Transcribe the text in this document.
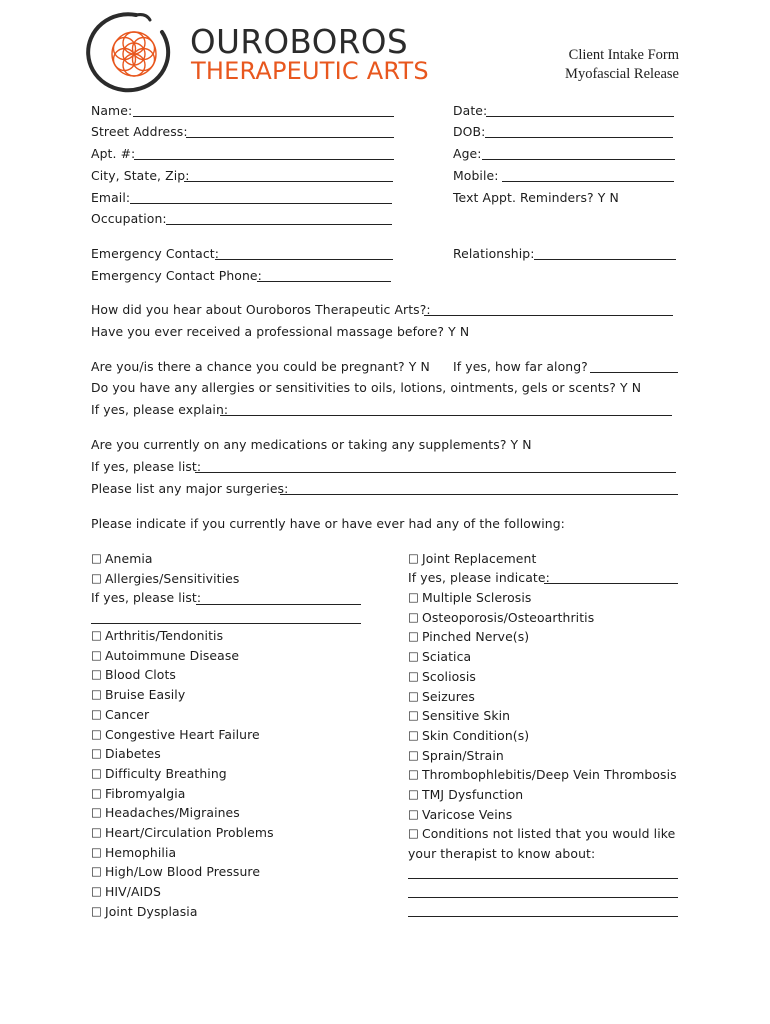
OUROBOROS
THERAPEUTIC ARTS
Client Intake Form
Myofascial Release
Name:
Street Address:
Apt. #:
City, State, Zip:
Email:
Occupation:
Date:
DOB:
Age:
Mobile:
Text Appt. Reminders? Y N
Emergency Contact:	Relationship:
Emergency Contact Phone:
How did you hear about Ouroboros Therapeutic Arts?:
Have you ever received a professional massage before? Y N
Are you/is there a chance you could be pregnant? Y N If yes, how far along?
Do you have any allergies or sensitivities to oils, lotions, ointments, gels or scents? Y N
If yes, please explain:
Are you currently on any medications or taking any supplements? Y N
If yes, please list:
Please list any major surgeries:
Please indicate if you currently have or have ever had any of the following:
□ Anemia
□ Allergies/Sensitivities
If yes, please list:
□ Arthritis/Tendonitis
□ Autoimmune Disease
□ Blood Clots
□ Bruise Easily
□ Cancer
□ Congestive Heart Failure
□ Diabetes
□ Difficulty Breathing
□ Fibromyalgia
□ Headaches/Migraines
□ Heart/Circulation Problems
□ Hemophilia
□ High/Low Blood Pressure
□ HIV/AIDS
□ Joint Dysplasia
□ Joint Replacement
If yes, please indicate:
□ Multiple Sclerosis
□ Osteoporosis/Osteoarthritis
□ Pinched Nerve(s)
□ Sciatica
□ Scoliosis
□ Seizures
□ Sensitive Skin
□ Skin Condition(s)
□ Sprain/Strain
□ Thrombophlebitis/Deep Vein Thrombosis
□ TMJ Dysfunction
□ Varicose Veins
□ Conditions not listed that you would like
your therapist to know about:
